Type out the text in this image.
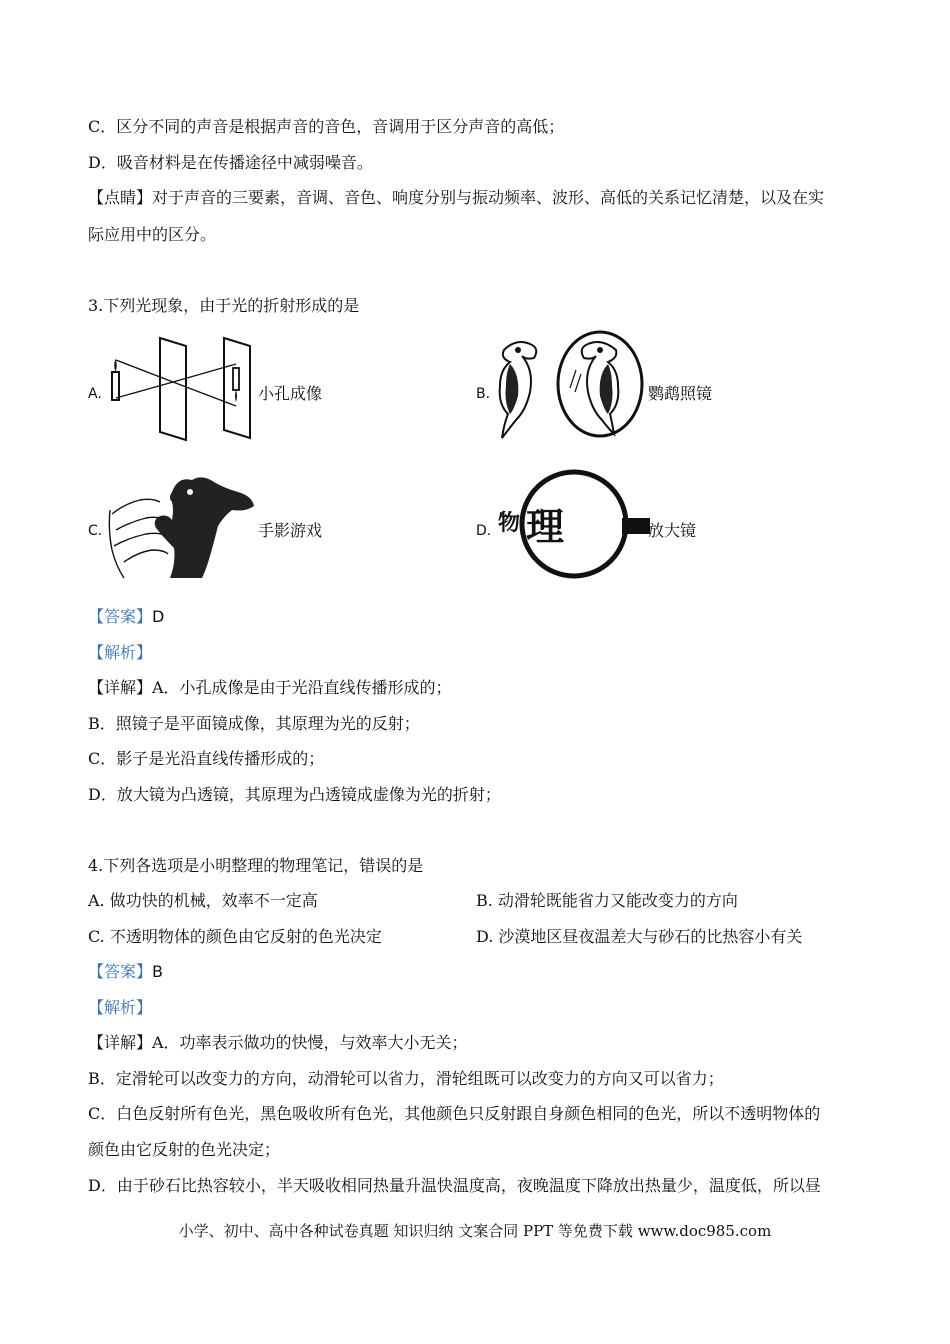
C．区分不同的声音是根据声音的音色，音调用于区分声音的高低；
D．吸音材料是在传播途径中减弱噪音。
【点睛】对于声音的三要素，音调、音色、响度分别与振动频率、波形、高低的关系记忆清楚，以及在实
际应用中的区分。
3.下列光现象，由于光的折射形成的是
A.	小孔成像	B.	鹦鹉照镜
C.	手影游戏	D. 物 理	放大镜
【答案】D
【解析】
【详解】A．小孔成像是由于光沿直线传播形成的；
B．照镜子是平面镜成像，其原理为光的反射；
C．影子是光沿直线传播形成的；
D．放大镜为凸透镜，其原理为凸透镜成虚像为光的折射；
4.下列各选项是小明整理的物理笔记，错误的是
A. 做功快的机械，效率不一定高	B. 动滑轮既能省力又能改变力的方向
C. 不透明物体的颜色由它反射的色光决定	D. 沙漠地区昼夜温差大与砂石的比热容小有关
【答案】B
【解析】
【详解】A．功率表示做功的快慢，与效率大小无关；
B．定滑轮可以改变力的方向，动滑轮可以省力，滑轮组既可以改变力的方向又可以省力；
C．白色反射所有色光，黑色吸收所有色光，其他颜色只反射跟自身颜色相同的色光，所以不透明物体的
颜色由它反射的色光决定；
D．由于砂石比热容较小，半天吸收相同热量升温快温度高，夜晚温度下降放出热量少，温度低，所以昼
小学、初中、高中各种试卷真题 知识归纳 文案合同 PPT 等免费下载 www.doc985.com
